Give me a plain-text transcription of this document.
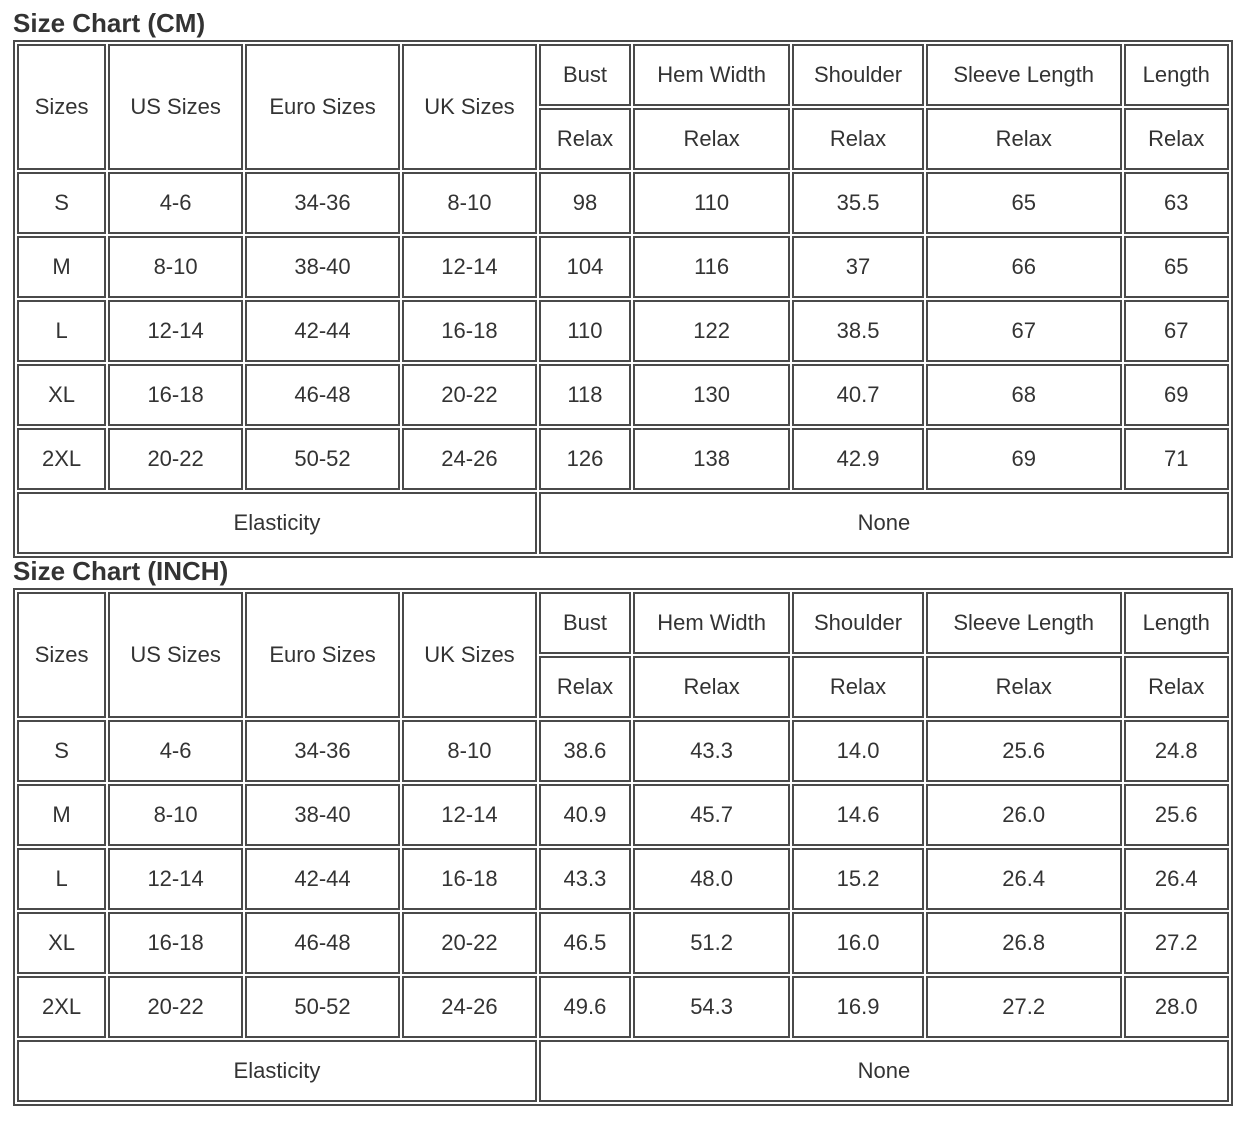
Size Chart (CM)
Sizes	US Sizes	Euro Sizes	UK Sizes	Bust	Hem Width	Shoulder	Sleeve Length	Length
				Relax	Relax	Relax	Relax	Relax
S	4-6	34-36	8-10	98	110	35.5	65	63
M	8-10	38-40	12-14	104	116	37	66	65
L	12-14	42-44	16-18	110	122	38.5	67	67
XL	16-18	46-48	20-22	118	130	40.7	68	69
2XL	20-22	50-52	24-26	126	138	42.9	69	71
Elasticity				None				
Size Chart (INCH)
Sizes	US Sizes	Euro Sizes	UK Sizes	Bust	Hem Width	Shoulder	Sleeve Length	Length
				Relax	Relax	Relax	Relax	Relax
S	4-6	34-36	8-10	38.6	43.3	14.0	25.6	24.8
M	8-10	38-40	12-14	40.9	45.7	14.6	26.0	25.6
L	12-14	42-44	16-18	43.3	48.0	15.2	26.4	26.4
XL	16-18	46-48	20-22	46.5	51.2	16.0	26.8	27.2
2XL	20-22	50-52	24-26	49.6	54.3	16.9	27.2	28.0
Elasticity				None				
